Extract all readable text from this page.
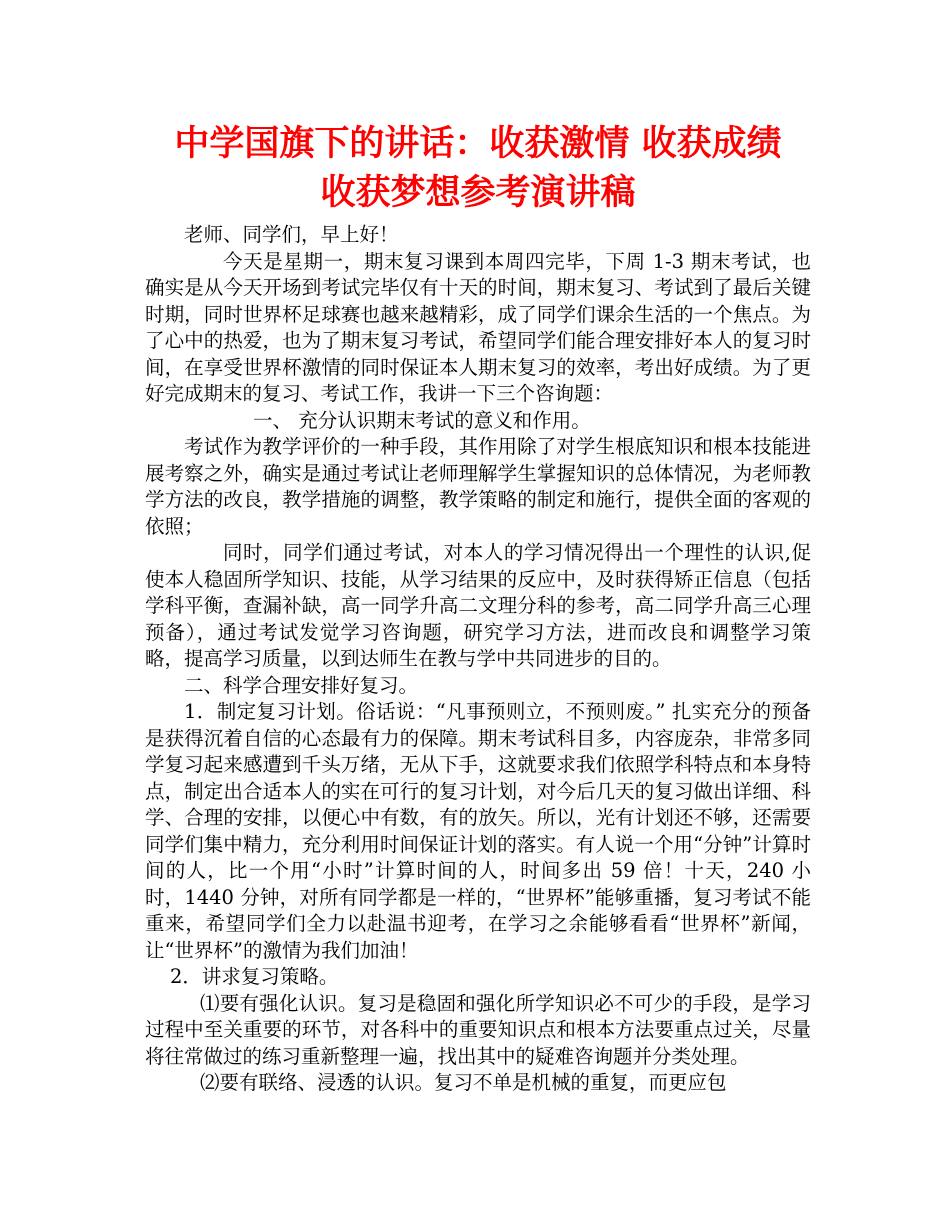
中学国旗下的讲话：收获激情 收获成绩
收获梦想参考演讲稿

老师、同学们，早上好！

今天是星期一，期末复习课到本周四完毕，下周 1-3 期末考试，也确实是从今天开场到考试完毕仅有十天的时间，期末复习、考试到了最后关键时期，同时世界杯足球赛也越来越精彩，成了同学们课余生活的一个焦点。为了心中的热爱，也为了期末复习考试，希望同学们能合理安排好本人的复习时间，在享受世界杯激情的同时保证本人期末复习的效率，考出好成绩。为了更好完成期末的复习、考试工作，我讲一下三个咨询题：

一、 充分认识期末考试的意义和作用。

考试作为教学评价的一种手段，其作用除了对学生根底知识和根本技能进展考察之外，确实是通过考试让老师理解学生掌握知识的总体情况，为老师教学方法的改良，教学措施的调整，教学策略的制定和施行，提供全面的客观的依照；

同时，同学们通过考试，对本人的学习情况得出一个理性的认识,促使本人稳固所学知识、技能，从学习结果的反应中，及时获得矫正信息（包括学科平衡，查漏补缺，高一同学升高二文理分科的参考，高二同学升高三心理预备），通过考试发觉学习咨询题，研究学习方法，进而改良和调整学习策略，提高学习质量，以到达师生在教与学中共同进步的目的。

二、科学合理安排好复习。

1．制定复习计划。俗话说：“凡事预则立，不预则废。” 扎实充分的预备是获得沉着自信的心态最有力的保障。期末考试科目多，内容庞杂，非常多同学复习起来感遭到千头万绪，无从下手，这就要求我们依照学科特点和本身特点，制定出合适本人的实在可行的复习计划，对今后几天的复习做出详细、科学、合理的安排，以便心中有数，有的放矢。所以，光有计划还不够，还需要同学们集中精力，充分利用时间保证计划的落实。有人说一个用“分钟”计算时间的人，比一个用“小时”计算时间的人，时间多出 59 倍！十天，240 小时，1440 分钟，对所有同学都是一样的，“世界杯”能够重播，复习考试不能重来，希望同学们全力以赴温书迎考，在学习之余能够看看“世界杯”新闻，让“世界杯”的激情为我们加油！

2．讲求复习策略。

⑴要有强化认识。复习是稳固和强化所学知识必不可少的手段，是学习过程中至关重要的环节，对各科中的重要知识点和根本方法要重点过关，尽量将往常做过的练习重新整理一遍，找出其中的疑难咨询题并分类处理。

⑵要有联络、浸透的认识。复习不单是机械的重复，而更应包
